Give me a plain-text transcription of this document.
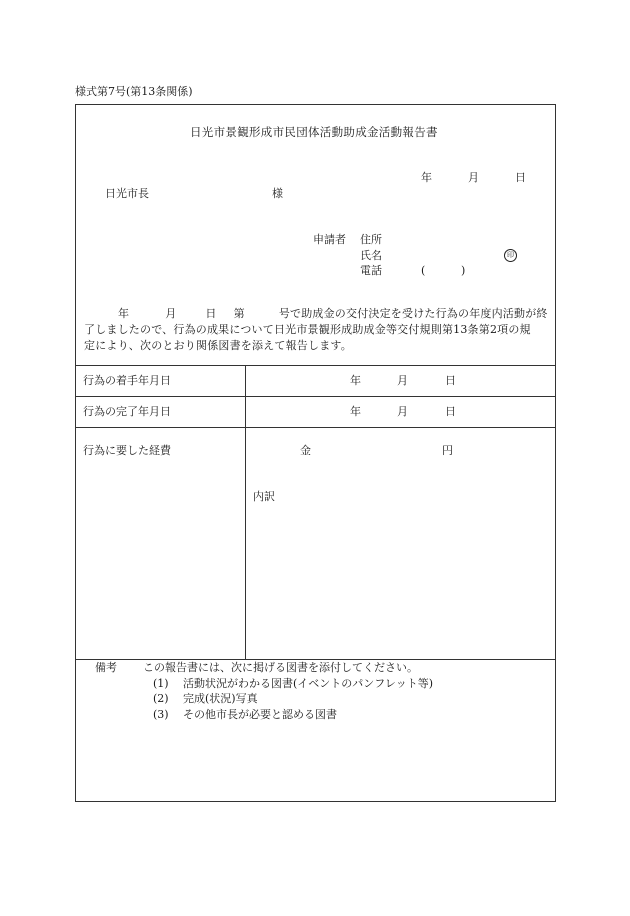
様式第7号(第13条関係)
日光市景観形成市民団体活動助成金活動報告書
年	月	日
日光市長	様
申請者 住所
氏名	印
電話	(	)
年	月	日 第	号で助成金の交付決定を受けた行為の年度内活動が終
了しましたので、行為の成果について日光市景観形成助成金等交付規則第13条第2項の規
定により、次のとおり関係図書を添えて報告します。
行為の着手年月日	年	月	日
行為の完了年月日	年	月	日
行為に要した経費	金	円
内訳
備考 この報告書には、次に掲げる図書を添付してください。
(1) 活動状況がわかる図書(イベントのパンフレット等)
(2) 完成(状況)写真
(3) その他市長が必要と認める図書
